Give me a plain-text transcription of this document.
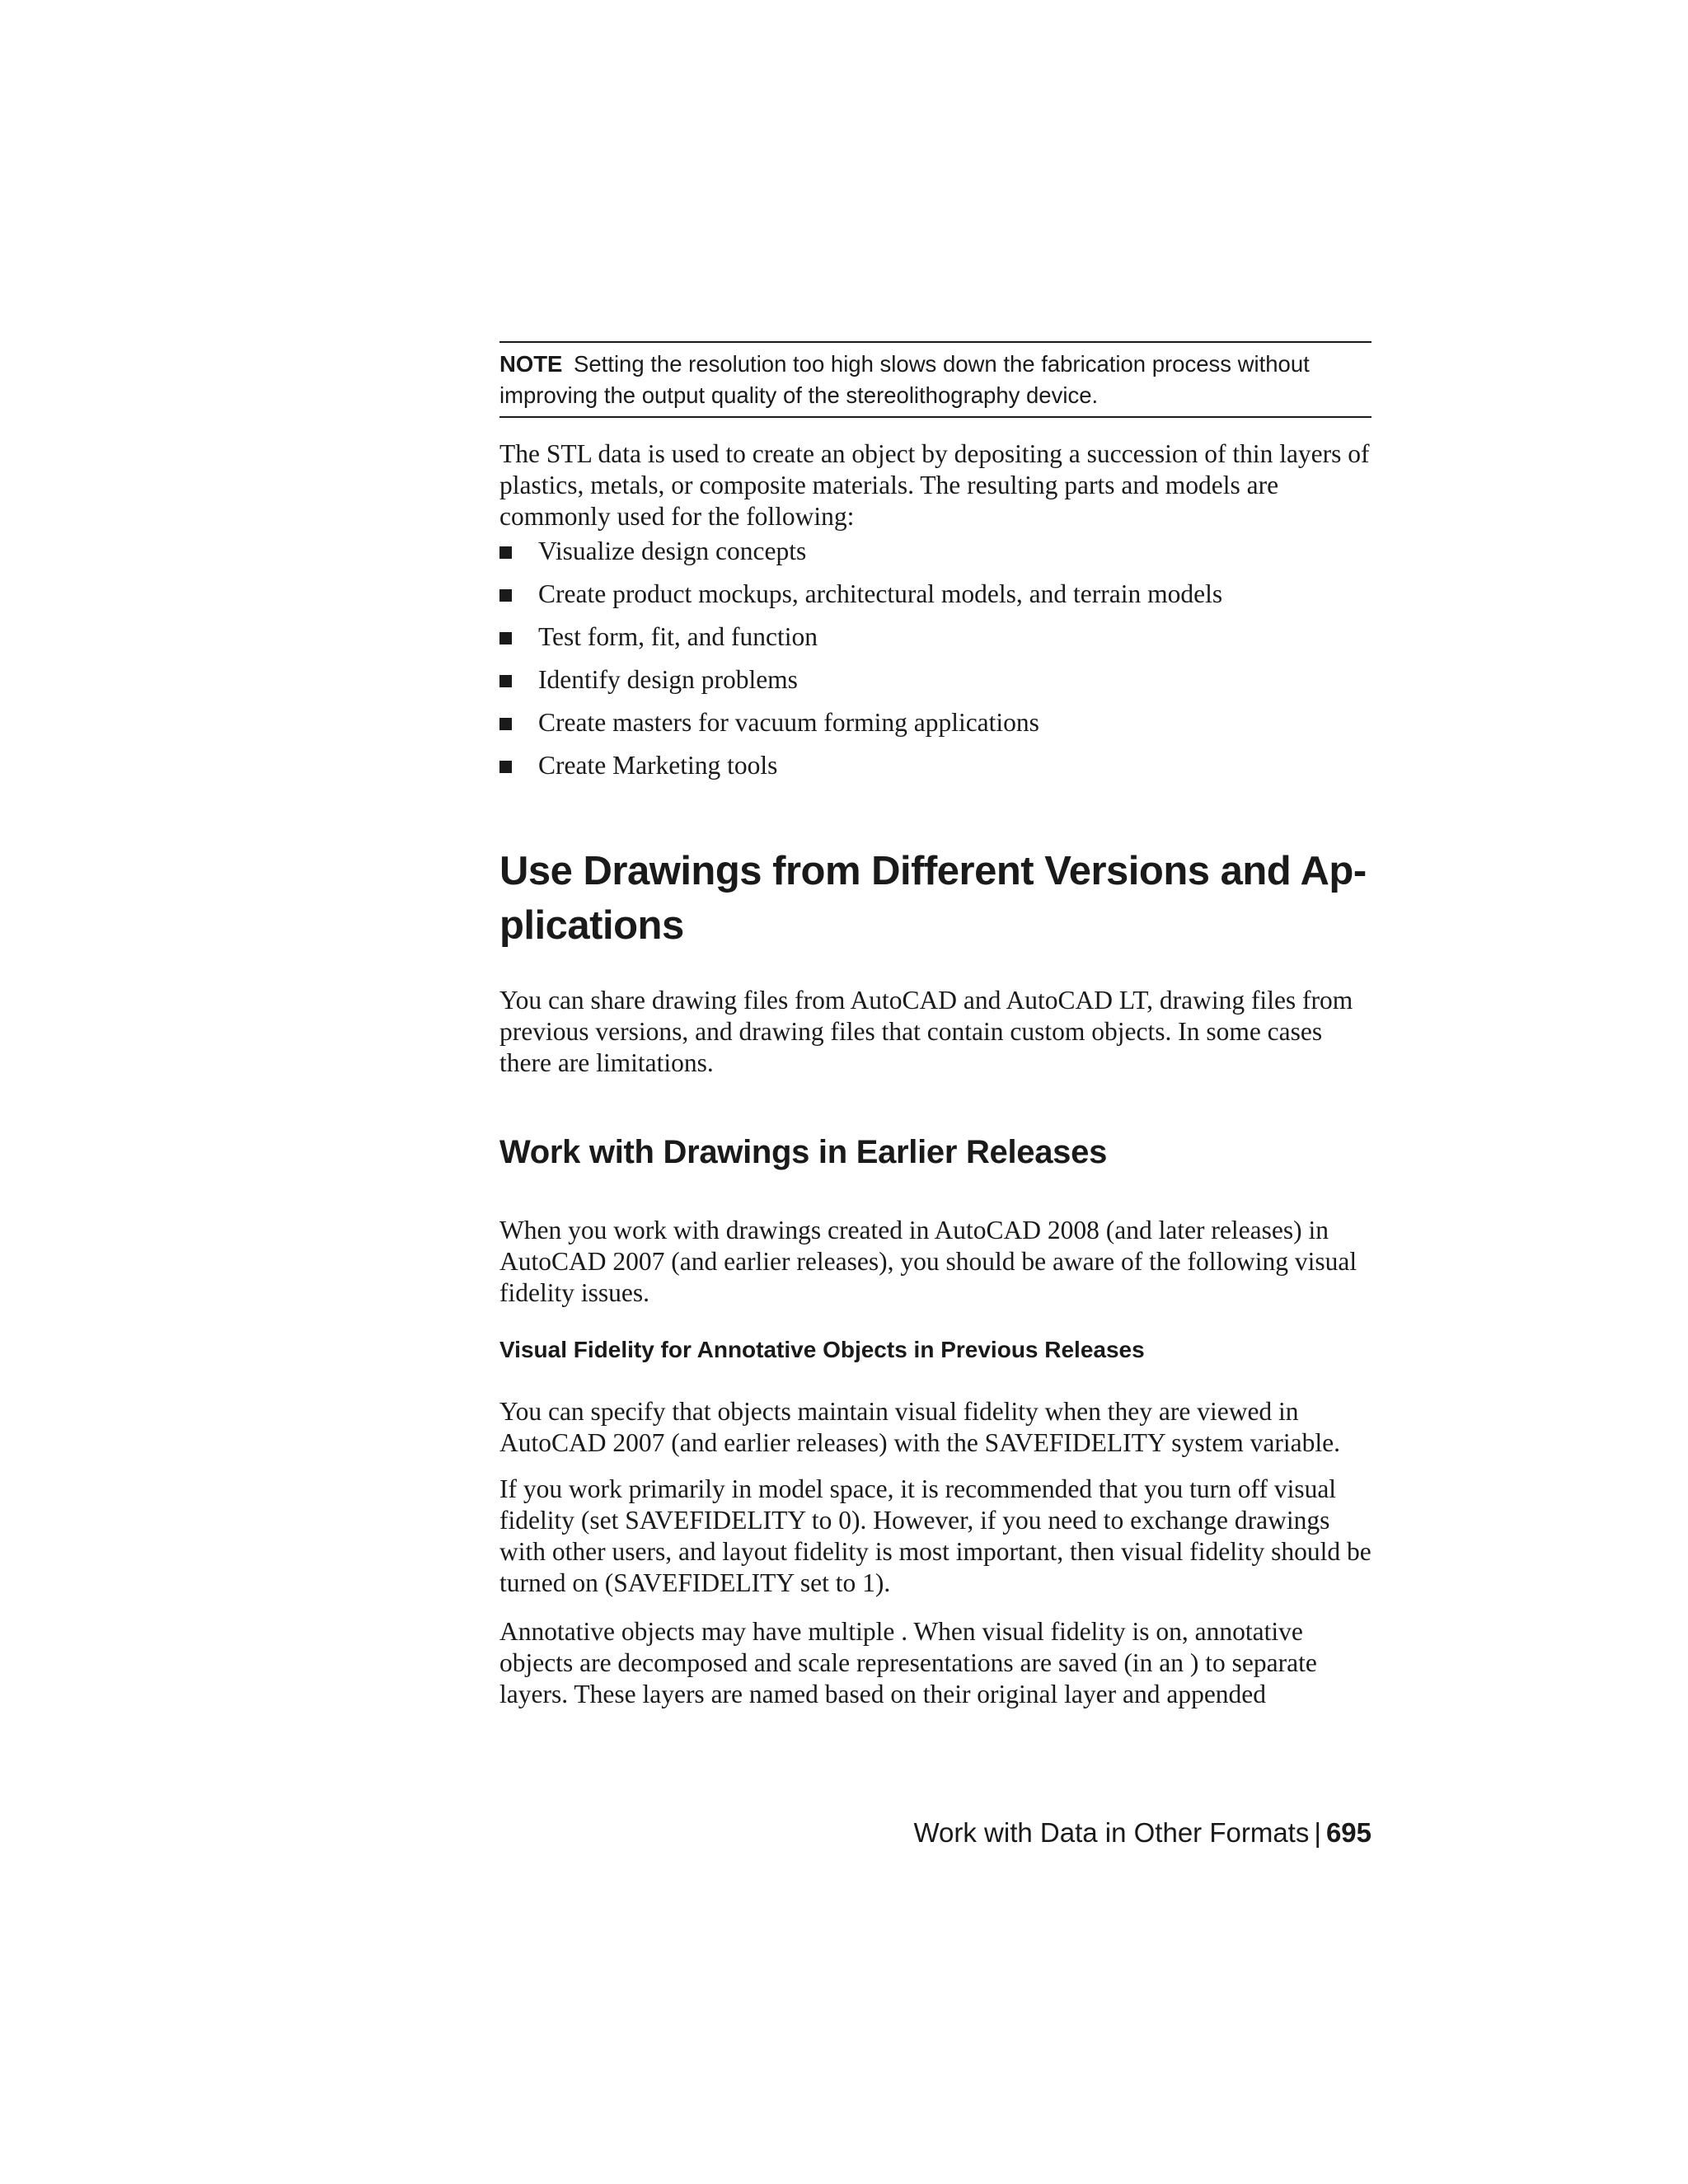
NOTE Setting the resolution too high slows down the fabrication process without improving the output quality of the stereolithography device.

The STL data is used to create an object by depositing a succession of thin layers of plastics, metals, or composite materials. The resulting parts and models are commonly used for the following:

Visualize design concepts
Create product mockups, architectural models, and terrain models
Test form, fit, and function
Identify design problems
Create masters for vacuum forming applications
Create Marketing tools
Use Drawings from Different Versions and Ap-
plications

You can share drawing files from AutoCAD and AutoCAD LT, drawing files from previous versions, and drawing files that contain custom objects. In some cases there are limitations.

Work with Drawings in Earlier Releases

When you work with drawings created in AutoCAD 2008 (and later releases) in AutoCAD 2007 (and earlier releases), you should be aware of the following visual fidelity issues.

Visual Fidelity for Annotative Objects in Previous Releases

You can specify that objects maintain visual fidelity when they are viewed in AutoCAD 2007 (and earlier releases) with the SAVEFIDELITY system variable.

If you work primarily in model space, it is recommended that you turn off visual fidelity (set SAVEFIDELITY to 0). However, if you need to exchange drawings with other users, and layout fidelity is most important, then visual fidelity should be turned on (SAVEFIDELITY set to 1).

Annotative objects may have multiple . When visual fidelity is on, annotative objects are decomposed and scale representations are saved (in an ) to separate layers. These layers are named based on their original layer and appended

Work with Data in Other Formats | 695
